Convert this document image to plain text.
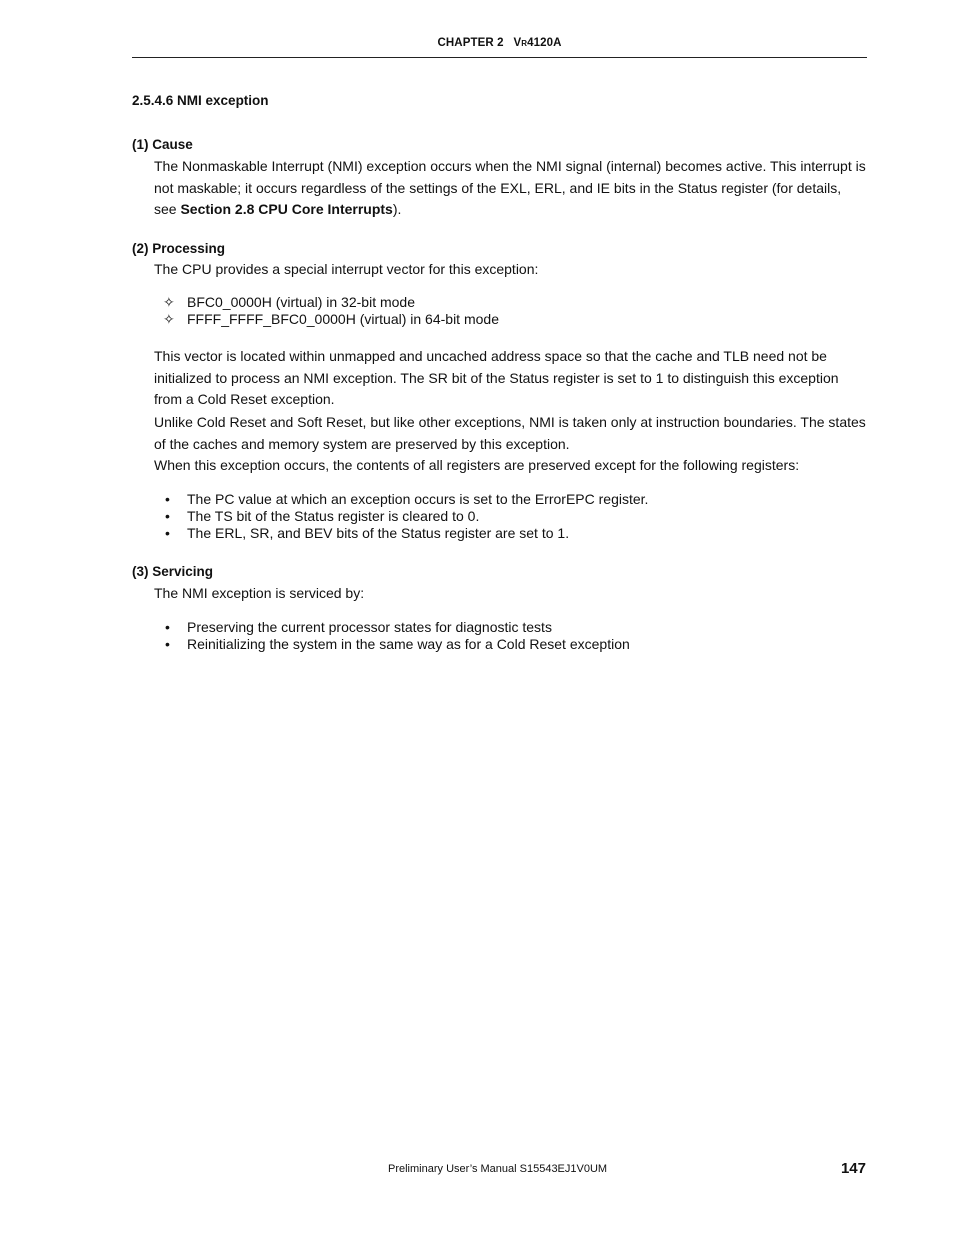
CHAPTER 2 VR4120A
2.5.4.6 NMI exception
(1) Cause
The Nonmaskable Interrupt (NMI) exception occurs when the NMI signal (internal) becomes active. This interrupt is not maskable; it occurs regardless of the settings of the EXL, ERL, and IE bits in the Status register (for details, see Section 2.8 CPU Core Interrupts).
(2) Processing
The CPU provides a special interrupt vector for this exception:
✧ BFC0_0000H (virtual) in 32-bit mode
✧ FFFF_FFFF_BFC0_0000H (virtual) in 64-bit mode
This vector is located within unmapped and uncached address space so that the cache and TLB need not be initialized to process an NMI exception. The SR bit of the Status register is set to 1 to distinguish this exception from a Cold Reset exception.
Unlike Cold Reset and Soft Reset, but like other exceptions, NMI is taken only at instruction boundaries. The states of the caches and memory system are preserved by this exception.
When this exception occurs, the contents of all registers are preserved except for the following registers:
•	The PC value at which an exception occurs is set to the ErrorEPC register.
•	The TS bit of the Status register is cleared to 0.
•	The ERL, SR, and BEV bits of the Status register are set to 1.
(3) Servicing
The NMI exception is serviced by:
•	Preserving the current processor states for diagnostic tests
•	Reinitializing the system in the same way as for a Cold Reset exception
Preliminary User’s Manual S15543EJ1V0UM	147
